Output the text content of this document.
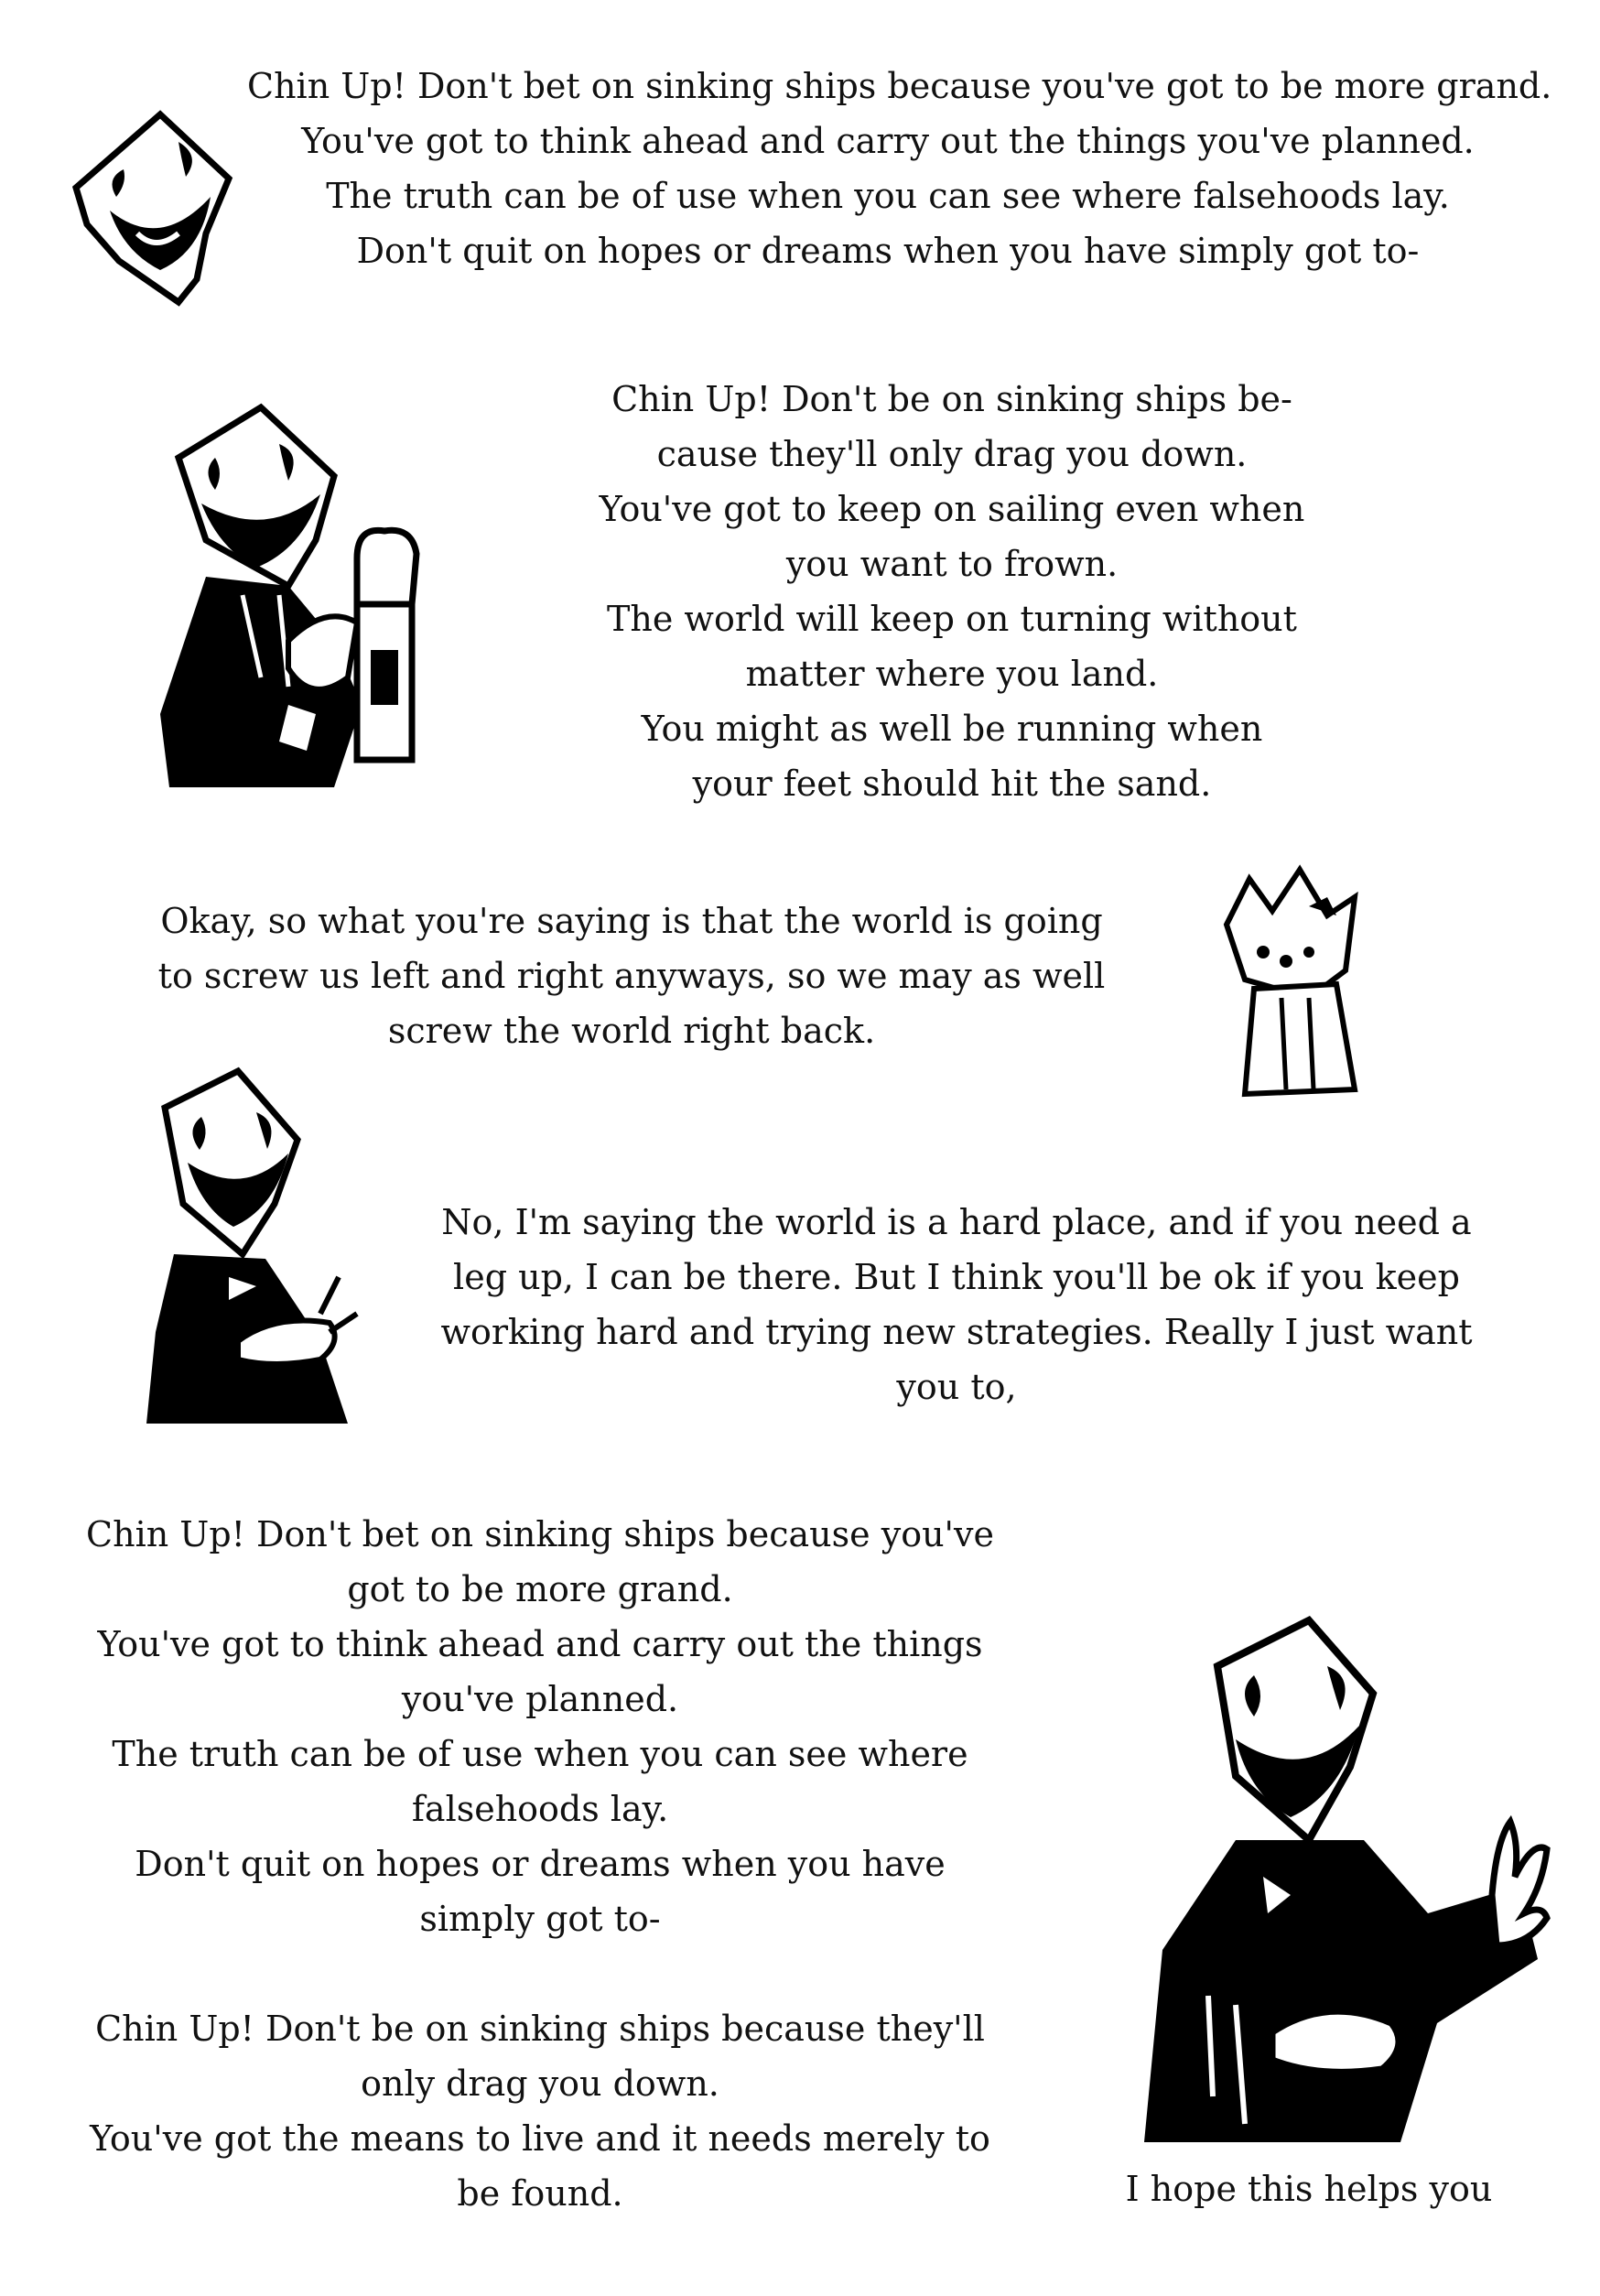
Chin Up! Don't bet on sinking ships because you've got to be more grand.
You've got to think ahead and carry out the things you've planned.
The truth can be of use when you can see where falsehoods lay.
Don't quit on hopes or dreams when you have simply got to-
Chin Up! Don't be on sinking ships be-
cause they'll only drag you down.
You've got to keep on sailing even when
you want to frown.
The world will keep on turning without
matter where you land.
You might as well be running when
your feet should hit the sand.
Okay, so what you're saying is that the world is going
to screw us left and right anyways, so we may as well
screw the world right back.
No, I'm saying the world is a hard place, and if you need a
leg up, I can be there. But I think you'll be ok if you keep
working hard and trying new strategies. Really I just want
you to,
Chin Up! Don't bet on sinking ships because you've
got to be more grand.
You've got to think ahead and carry out the things
you've planned.
The truth can be of use when you can see where
falsehoods lay.
Don't quit on hopes or dreams when you have
simply got to-
Chin Up! Don't be on sinking ships because they'll
only drag you down.
You've got the means to live and it needs merely to
be found.	I hope this helps you
